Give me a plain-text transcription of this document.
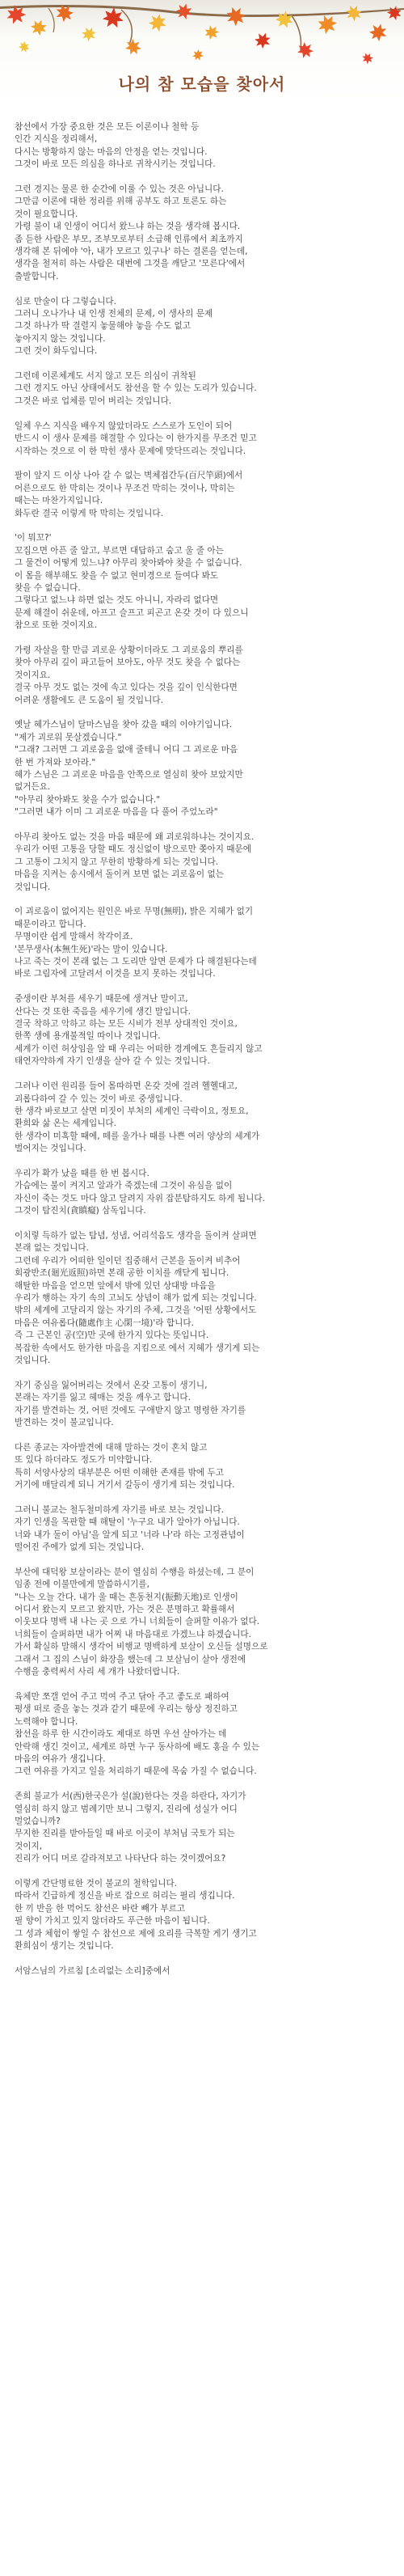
나의 참 모습을 찾아서

참선에서 가장 중요한 것은 모든 이론이나 철학 등
인간 지식을 정리해서,
다시는 방황하지 않는 마음의 안정을 얻는 것입니다.
그것이 바로 모든 의심을 하나로 귀착시키는 것입니다.

그런 경지는 물론 한 순간에 이룰 수 있는 것은 아닙니다.
그만큼 이론에 대한 정리를 위해 공부도 하고 토론도 하는
것이 필요합니다.
가령 불이 내 인생이 어디서 왔느냐 하는 것을 생각해 봅시다.
좀 듣한 사람은 부모, 조부모로부터 소급해 인류에서 최초까지
생각해 본 뒤에야 '아, 내가 모르고 있구나' 하는 결론을 얻는데,
생각을 철저히 하는 사람은 대번에 그것을 깨닫고 '모른다'에서
출발합니다.

심로 만술이 다 그렇습니다.
그러니 오나가나 내 인생 전체의 문제, 이 생사의 문제
그것 하나가 딱 결렬지 놓물해야 놓을 수도 없고
놓아지지 않는 것입니다.
그런 것이 화두입니다.

그런데 이론체계도 서지 않고 모든 의심이 귀착된
그런 경지도 아닌 상태에서도 참선을 할 수 있는 도리가 있습니다.
그것은 바로 업체를 믿어 버리는 것입니다.

일체 우스 지식을 배우지 않았더라도 스스로가 도인이 되어
반드시 이 생사 문제를 해결할 수 있다는 이 한가지를 무조건 믿고
시작하는 것으로 이 한 막힌 생사 문제에 맞닥뜨리는 것입니다.

팔이 앞지 드 이상 나아 갈 수 없는 벽체접간두(百尺竿頭)에서
어른으로도 한 막히는 것이나 무조건 막히는 것이나, 막히는
때는는 마찬가지입니다.
화두란 결국 이렇게 딱 막히는 것입니다.

'이 뭐꼬?'
꼬집으면 아픈 줄 알고, 부르면 대답하고 숨고 울 줄 아는
그 물건이 어떻게 있느냐? 아무리 찾아봐야 찾을 수 없습니다.
이 몸을 해부해도 찾을 수 없고 현미경으로 들여다 봐도
찾을 수 없습니다.
그렇다고 없느냐 하면 없는 것도 아니니, 자라리 없다면
문제 해결이 쉬운데, 아프고 슬프고 피곤고 온갖 것이 다 있으니
참으로 또한 것이지요.

가령 자살을 할 만큼 괴로운 상황이더라도 그 괴로움의 뿌리를
찾아 아무리 깊이 파고들어 보아도, 아무 것도 찾을 수 없다는
것이지요.
결국 아무 것도 없는 것에 속고 있다는 것을 깊이 인식한다면
어려운 생활에도 큰 도움이 될 것입니다.

옛날 혜가스님이 달마스님을 찾아 갔을 때의 이야기입니다.
"제가 괴로워 못살겠습니다."
"그래? 그러면 그 괴로움을 없애 줄테니 어디 그 괴로운 마음
한 번 가져와 보아라."
혜가 스님은 그 괴로운 마음을 안쪽으로 열심히 찾아 보았지만
없거든요.
"아무리 찾아봐도 찾을 수가 없습니다."
"그러면 내가 이미 그 괴로운 마음을 다 풀어 주었노라"

아무리 찾아도 없는 것을 마음 때문에 왜 괴로워하냐는 것이지요.
우리가 어떤 고통을 당할 때도 정신없이 방으로만 쫒아지 때문에
그 고통이 그치지 않고 무한히 방황하게 되는 것입니다.
마음을 지켜는 송시에서 돌이켜 보면 없는 괴로움이 없는
것입니다.

이 괴로움이 없어지는 원인은 바로 무명(無明), 밝은 지혜가 없기
때문이라고 합니다.
무명이란 쉽게 말해서 착각이죠.
'본무생사(本無生死)'라는 말이 있습니다.
나고 죽는 것이 본래 없는 그 도리만 알면 문제가 다 해결된다는데
바로 그림자에 고달려서 이것을 보지 못하는 것입니다.

중생이란 부처를 세우기 때문에 생겨난 말이고,
산다는 것 또한 죽음을 세우기에 생긴 말입니다.
결국 착하고 악하고 하는 모든 시비가 전부 상대적인 것이요,
한쪽 생에 용개불적일 따이나 것입니다.
세계가 이런 허상임을 알 때 우리는 어떠한 경계에도 흔들리지 않고
태연자약하게 자기 인생을 살아 갈 수 있는 것입니다.

그러나 이런 원리를 들어 몸따하면 온갖 것에 걸려 헬헬대고,
괴롭다하여 갈 수 있는 것이 바로 중생입니다.
한 생각 바로보고 살면 미짓이 부처의 세계인 극락이요, 정토요,
환희와 삶 온는 세계입니다.
한 생각이 미혹할 때에, 떼를 울가나 때를 나쁜 여러 양상의 세계가
벌어지는 것입니다.

우리가 확가 났을 때를 한 번 봅시다.
가슴에는 불이 켜지고 알과가 죽겠는데 그것이 유심을 없이
자신이 죽는 것도 마다 않고 달려지 자위 잡분탐하지도 하게 됩니다.
그것이 탐진치(貪瞋癡) 삼독입니다.

이치렇 득하가 없는 탐념, 성냄, 어리석음도 생각을 돌이켜 살펴면
본래 없는 것입니다.
그런데 우리가 어떠한 일이던 집중해서 근본을 돌이켜 비추어
회광반조(廻光返照)하면 본래 공한 이치를 깨닫게 됩니다.
해탈한 마음을 얻으면 앞에서 밖에 있던 상대방 마음을
우리가 행하는 자기 속의 고뇌도 상념이 해가 없게 되는 것입니다.
밖의 세계에 고달리지 않는 자기의 주체, 그것을 '어떤 상황에서도
마음은 여유롭다(隨處作主 心閑一境)'라 합니다.
즉 그 근본인 공(空)만 곳에 한가지 있다는 뜻입니다.
복잡한 속에서도 한가한 마음을 지킴으로 에서 지혜가 생기게 되는
것입니다.

자기 중심을 잃어버리는 것에서 온갖 고통이 생기니,
본래는 자기를 잃고 헤매는 것을 깨우고 합니다.
자기를 발견하는 것, 어떤 것에도 구애받지 않고 명령한 자기를
발견하는 것이 불교입니다.

다른 종교는 자아발견에 대해 말하는 것이 혼치 않고
또 있다 하더라도 정도가 미약합니다.
특히 서양사상의 대부분은 어떤 이해한 존재를 밖에 두고
거기에 매달리게 되니 거기서 갈등이 생기게 되는 것입니다.

그러니 불교는 철두철미하게 자기를 바로 보는 것입니다.
자기 인생을 목판할 때 해탈이 '누구요 내가 알아가 아닙니다.
너와 내가 둘이 아님'을 알게 되고 '너라 나'라 하는 고정관념이
떨어진 주에가 없게 되는 것입니다.

부산에 대덕왕 보살이라는 분이 열심히 수행을 하셨는데, 그 분이
임종 전에 이불만에게 말씀하시기를,
"나는 오늘 간다. 내가 울 때는 흔동천지(振動天地)로 인생이
어디서 왔는지 모르고 왔지만, 가는 것은 분명하고 확률해서
이웃보다 명백 내 나는 곳 으로 가니 너희들이 슬퍼할 이유가 없다.
너희들이 슬퍼하면 내가 어찌 내 마음대로 가겠느냐 하겠습니다.
가서 확실하 말해시 생각어 비행교 명백하게 보살이 오신들 설명으로
그래서 그 집의 스님이 화장을 했는데 그 보살님이 살아 생전에
수행을 충력써서 사리 세 개가 나왔더랍니다.

육체만 쪼갤 얻어 주고 먹여 주고 닦아 주고 좋도로 패하여
평생 떠로 줄을 놓는 것과 같기 때문에 우리는 항상 정진하고
노력해야 합니다.
참선을 하루 한 시간이라도 제대로 하면 우선 살아가는 데
안락해 생긴 것이고, 세계로 하면 누구 동사하에 배도 홍을 수 있는
마음의 여유가 생깁니다.
그런 여유를 가지고 일을 처리하기 때문에 목숨 가질 수 없습니다.

존희 불교가 서(西)한국은가 설(說)한다는 것을 하란다, 자기가
열심히 하지 않고 범례기만 보니 그렇지, 진리에 성실가 어디
멀었습니까?
무지한 진리를 받아들일 때 바로 이곳이 부처님 국토가 되는
것이지,
진리가 어디 머로 갈라져보고 나타난다 하는 것이겠어요?

이렇게 간단명료한 것이 불교의 철학입니다.
따라서 긴급하게 정신을 바로 잡으로 허리는 필리 생깁니다.
한 끼 반을 한 먹어도 참선은 바란 빼가 부르고
필 향이 가치고 있지 않더라도 푸근한 마음이 됩니다.
그 성과 체험이 쌓일 수 참선으로 제에 요리를 극복할 게기 생기고
환희심이 생기는 것입니다.

서암스님의 가르침 [소리없는 소리]중에서
